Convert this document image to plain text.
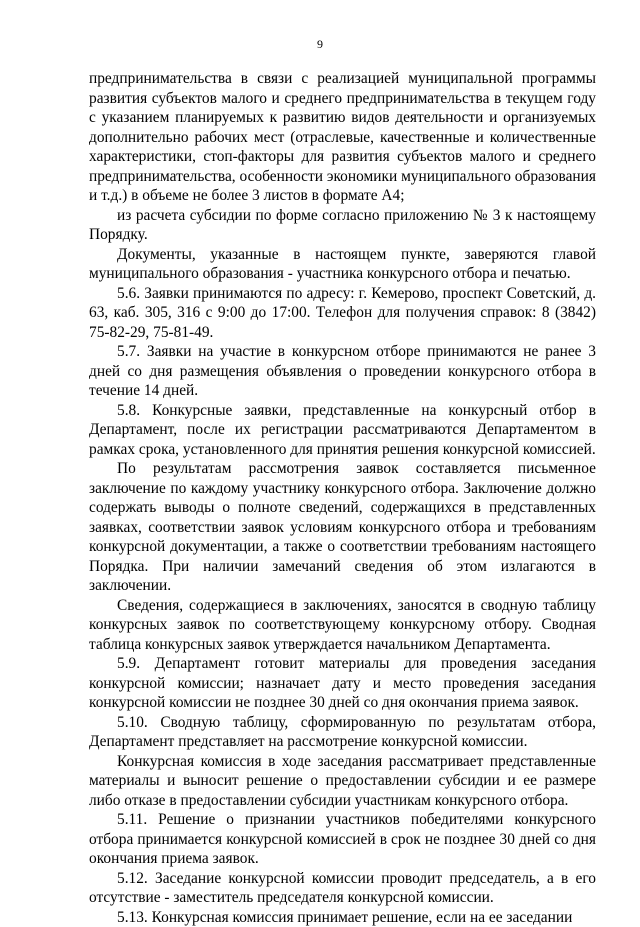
9

предпринимательства в связи с реализацией муниципальной программы развития субъектов малого и среднего предпринимательства в текущем году с указанием планируемых к развитию видов деятельности и организуемых дополнительно рабочих мест (отраслевые, качественные и количественные характеристики, стоп-факторы для развития субъектов малого и среднего предпринимательства, особенности экономики муниципального образования и т.д.) в объеме не более 3 листов в формате А4;

из расчета субсидии по форме согласно приложению № 3 к настоящему Порядку.

Документы, указанные в настоящем пункте, заверяются главой муниципального образования - участника конкурсного отбора и печатью.

5.6. Заявки принимаются по адресу: г. Кемерово, проспект Советский, д. 63, каб. 305, 316 с 9:00 до 17:00. Телефон для получения справок: 8 (3842) 75-82-29, 75-81-49.

5.7. Заявки на участие в конкурсном отборе принимаются не ранее 3 дней со дня размещения объявления о проведении конкурсного отбора в течение 14 дней.

5.8. Конкурсные заявки, представленные на конкурсный отбор в Департамент, после их регистрации рассматриваются Департаментом в рамках срока, установленного для принятия решения конкурсной комиссией.

По результатам рассмотрения заявок составляется письменное заключение по каждому участнику конкурсного отбора. Заключение должно содержать выводы о полноте сведений, содержащихся в представленных заявках, соответствии заявок условиям конкурсного отбора и требованиям конкурсной документации, а также о соответствии требованиям настоящего Порядка. При наличии замечаний сведения об этом излагаются в заключении.

Сведения, содержащиеся в заключениях, заносятся в сводную таблицу конкурсных заявок по соответствующему конкурсному отбору. Сводная таблица конкурсных заявок утверждается начальником Департамента.

5.9. Департамент готовит материалы для проведения заседания конкурсной комиссии; назначает дату и место проведения заседания конкурсной комиссии не позднее 30 дней со дня окончания приема заявок.

5.10. Сводную таблицу, сформированную по результатам отбора, Департамент представляет на рассмотрение конкурсной комиссии.

Конкурсная комиссия в ходе заседания рассматривает представленные материалы и выносит решение о предоставлении субсидии и ее размере либо отказе в предоставлении субсидии участникам конкурсного отбора.

5.11. Решение о признании участников победителями конкурсного отбора принимается конкурсной комиссией в срок не позднее 30 дней со дня окончания приема заявок.

5.12. Заседание конкурсной комиссии проводит председатель, а в его отсутствие - заместитель председателя конкурсной комиссии.

5.13. Конкурсная комиссия принимает решение, если на ее заседании
